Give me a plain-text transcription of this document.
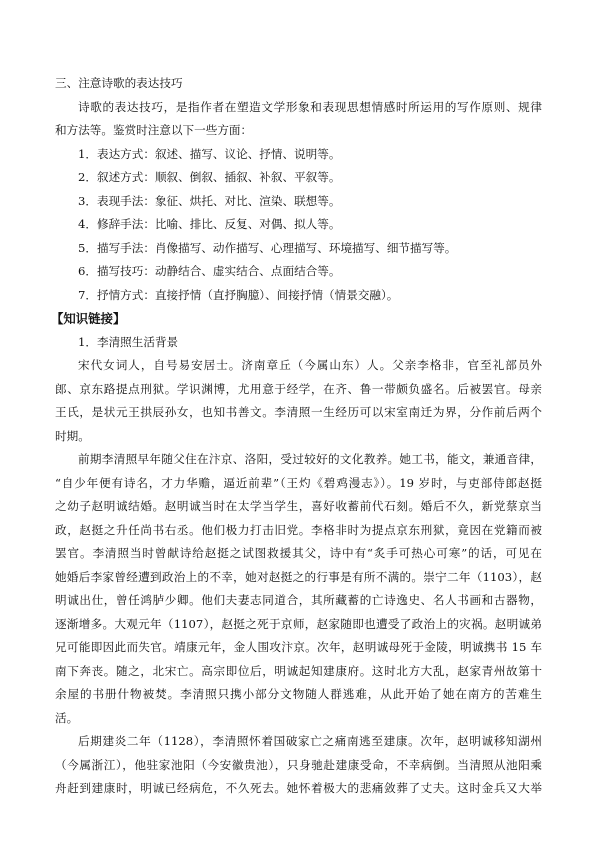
三、注意诗歌的表达技巧

诗歌的表达技巧，是指作者在塑造文学形象和表现思想情感时所运用的写作原则、规律

和方法等。鉴赏时注意以下一些方面：

1．表达方式：叙述、描写、议论、抒情、说明等。

2．叙述方式：顺叙、倒叙、插叙、补叙、平叙等。

3．表现手法：象征、烘托、对比、渲染、联想等。

4．修辞手法：比喻、排比、反复、对偶、拟人等。

5．描写手法：肖像描写、动作描写、心理描写、环境描写、细节描写等。

6．描写技巧：动静结合、虚实结合、点面结合等。

7．抒情方式：直接抒情（直抒胸臆）、间接抒情（情景交融）。

【知识链接】

1．李清照生活背景

宋代女词人，自号易安居士。济南章丘（今属山东）人。父亲李格非，官至礼部员外

郎、京东路提点刑狱。学识渊博，尤用意于经学，在齐、鲁一带颇负盛名。后被罢官。母亲

王氏，是状元王拱辰孙女，也知书善文。李清照一生经历可以宋室南迁为界，分作前后两个

时期。

前期李清照早年随父住在汴京、洛阳，受过较好的文化教养。她工书，能文，兼通音律，

“自少年便有诗名，才力华赡，逼近前辈”（王灼《碧鸡漫志》）。19 岁时，与吏部侍郎赵挺

之幼子赵明诚结婚。赵明诚当时在太学当学生，喜好收蓄前代石刻。婚后不久，新党蔡京当

政，赵挺之升任尚书右丞。他们极力打击旧党。李格非时为提点京东刑狱，竟因在党籍而被

罢官。李清照当时曾献诗给赵挺之试图救援其父，诗中有“炙手可热心可寒”的话，可见在

她婚后李家曾经遭到政治上的不幸，她对赵挺之的行事是有所不满的。崇宁二年（1103），赵

明诚出仕，曾任鸿胪少卿。他们夫妻志同道合，其所藏蓄的亡诗逸史、名人书画和古器物，

逐渐增多。大观元年（1107），赵挺之死于京师，赵家随即也遭受了政治上的灾祸。赵明诚弟

兄可能即因此而失官。靖康元年，金人围攻汴京。次年，赵明诚母死于金陵，明诚携书 15 车

南下奔丧。随之，北宋亡。高宗即位后，明诚起知建康府。这时北方大乱，赵家青州故第十

余屋的书册什物被焚。李清照只携小部分文物随人群逃难，从此开始了她在南方的苦难生

活。

后期建炎二年（1128），李清照怀着国破家亡之痛南逃至建康。次年，赵明诚移知湖州

（今属浙江），他驻家池阳（今安徽贵池），只身驰赴建康受命，不幸病倒。当清照从池阳乘

舟赶到建康时，明诚已经病危，不久死去。她怀着极大的悲痛敛葬了丈夫。这时金兵又大举
